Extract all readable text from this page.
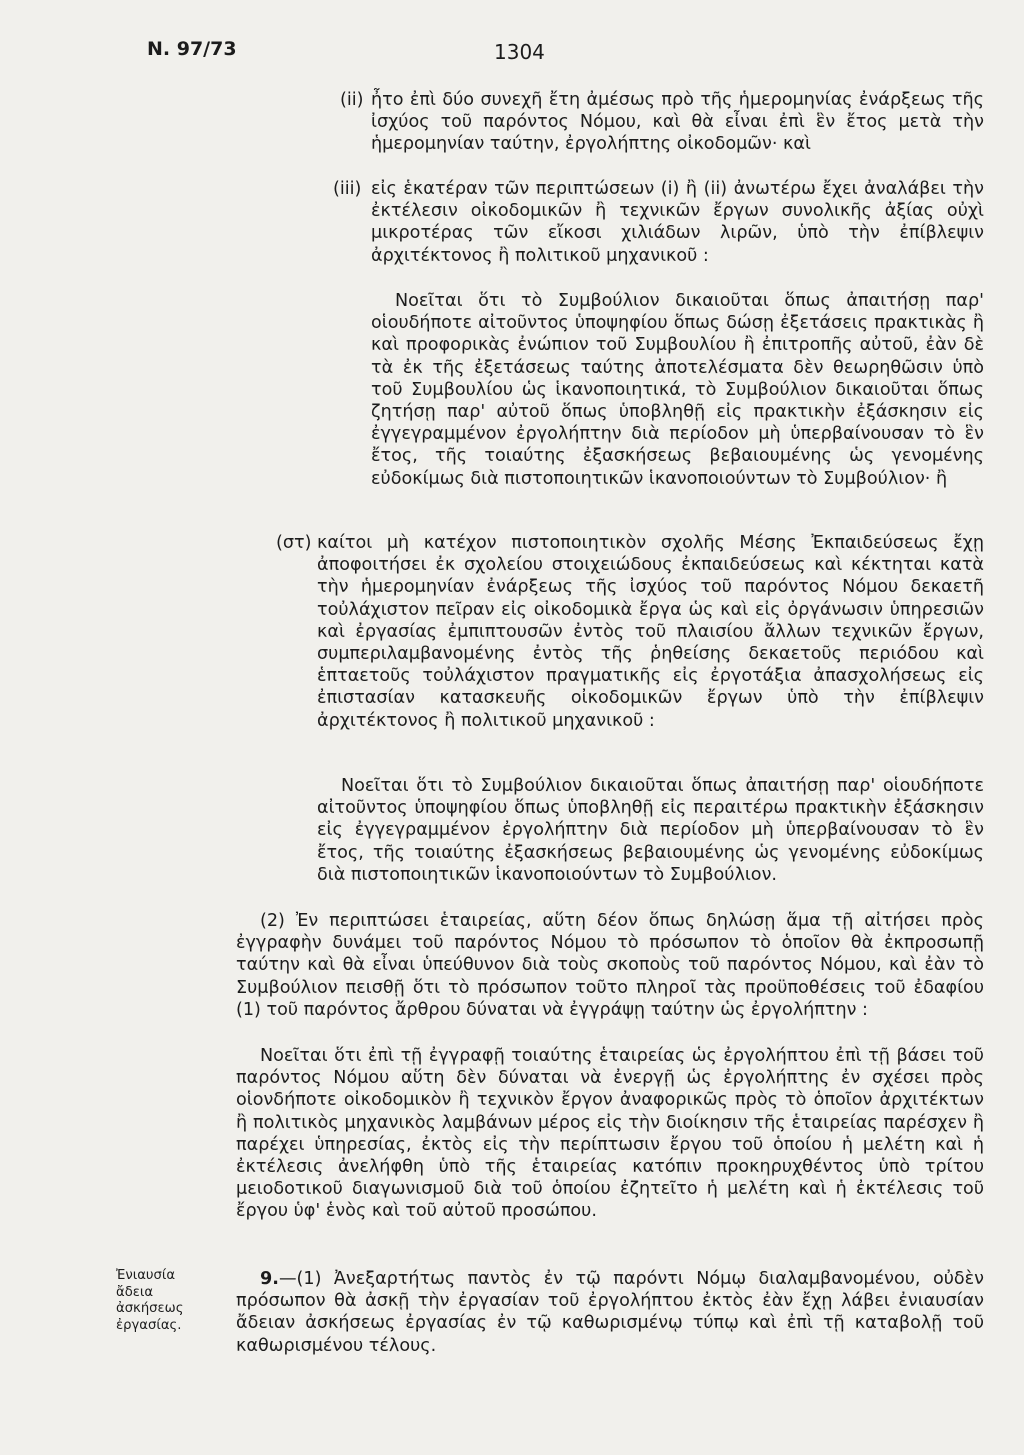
N. 97/73	1304
(ii) ἦτο ἐπὶ δύο συνεχῆ ἔτη ἀμέσως πρὸ τῆς ἡμερομηνίας ἐνάρξεως τῆς ἰσχύος τοῦ παρόντος Νόμου, καὶ θὰ εἶναι ἐπὶ ἓν ἔτος μετὰ τὴν ἡμερομηνίαν ταύτην, ἐργολήπτης οἰκοδομῶν· καὶ
(iii) εἰς ἑκατέραν τῶν περιπτώσεων (i) ἢ (ii) ἀνωτέρω ἔχει ἀναλάβει τὴν ἐκτέλεσιν οἰκοδομικῶν ἢ τεχνικῶν ἔργων συνολικῆς ἀξίας οὐχὶ μικροτέρας τῶν εἴκοσι χιλιάδων λιρῶν, ὑπὸ τὴν ἐπίβλεψιν ἀρχιτέκτονος ἢ πολιτικοῦ μηχανικοῦ :
Νοεῖται ὅτι τὸ Συμβούλιον δικαιοῦται ὅπως ἀπαιτήσῃ παρ' οἱουδήποτε αἰτοῦντος ὑποψηφίου ὅπως δώσῃ ἐξετάσεις πρακτικὰς ἢ καὶ προφορικὰς ἐνώπιον τοῦ Συμβουλίου ἢ ἐπιτροπῆς αὐτοῦ, ἐὰν δὲ τὰ ἐκ τῆς ἐξετάσεως ταύτης ἀποτελέσματα δὲν θεωρηθῶσιν ὑπὸ τοῦ Συμβουλίου ὡς ἱκανοποιητικά, τὸ Συμβούλιον δικαιοῦται ὅπως ζητήσῃ παρ' αὐτοῦ ὅπως ὑποβληθῇ εἰς πρακτικὴν ἐξάσκησιν εἰς ἐγγεγραμμένον ἐργολήπτην διὰ περίοδον μὴ ὑπερβαίνουσαν τὸ ἓν ἔτος, τῆς τοιαύτης ἐξασκήσεως βεβαιουμένης ὡς γενομένης εὐδοκίμως διὰ πιστοποιητικῶν ἱκανοποιούντων τὸ Συμβούλιον· ἢ
(στ) καίτοι μὴ κατέχον πιστοποιητικὸν σχολῆς Μέσης Ἐκπαιδεύσεως ἔχῃ ἀποφοιτήσει ἐκ σχολείου στοιχειώδους ἐκπαιδεύσεως καὶ κέκτηται κατὰ τὴν ἡμερομηνίαν ἐνάρξεως τῆς ἰσχύος τοῦ παρόντος Νόμου δεκαετῆ τοὐλάχιστον πεῖραν εἰς οἰκοδομικὰ ἔργα ὡς καὶ εἰς ὀργάνωσιν ὑπηρεσιῶν καὶ ἐργασίας ἐμπιπτουσῶν ἐντὸς τοῦ πλαισίου ἄλλων τεχνικῶν ἔργων, συμπεριλαμβανομένης ἐντὸς τῆς ῥηθείσης δεκαετοῦς περιόδου καὶ ἑπταετοῦς τοὐλάχιστον πραγματικῆς εἰς ἐργοτάξια ἀπασχολήσεως εἰς ἐπιστασίαν κατασκευῆς οἰκοδομικῶν ἔργων ὑπὸ τὴν ἐπίβλεψιν ἀρχιτέκτονος ἢ πολιτικοῦ μηχανικοῦ :
Νοεῖται ὅτι τὸ Συμβούλιον δικαιοῦται ὅπως ἀπαιτήσῃ παρ' οἱουδήποτε αἰτοῦντος ὑποψηφίου ὅπως ὑποβληθῇ εἰς περαιτέρω πρακτικὴν ἐξάσκησιν εἰς ἐγγεγραμμένον ἐργολήπτην διὰ περίοδον μὴ ὑπερβαίνουσαν τὸ ἓν ἔτος, τῆς τοιαύτης ἐξασκήσεως βεβαιουμένης ὡς γενομένης εὐδοκίμως διὰ πιστοποιητικῶν ἱκανοποιούντων τὸ Συμβούλιον.
(2) Ἐν περιπτώσει ἑταιρείας, αὕτη δέον ὅπως δηλώσῃ ἅμα τῇ αἰτήσει πρὸς ἐγγραφὴν δυνάμει τοῦ παρόντος Νόμου τὸ πρόσωπον τὸ ὁποῖον θὰ ἐκπροσωπῇ ταύτην καὶ θὰ εἶναι ὑπεύθυνον διὰ τοὺς σκοποὺς τοῦ παρόντος Νόμου, καὶ ἐὰν τὸ Συμβούλιον πεισθῇ ὅτι τὸ πρόσωπον τοῦτο πληροῖ τὰς προϋποθέσεις τοῦ ἐδαφίου (1) τοῦ παρόντος ἄρθρου δύναται νὰ ἐγγράψῃ ταύτην ὡς ἐργολήπτην :
Νοεῖται ὅτι ἐπὶ τῇ ἐγγραφῇ τοιαύτης ἑταιρείας ὡς ἐργολήπτου ἐπὶ τῇ βάσει τοῦ παρόντος Νόμου αὕτη δὲν δύναται νὰ ἐνεργῇ ὡς ἐργολήπτης ἐν σχέσει πρὸς οἱονδήποτε οἰκοδομικὸν ἢ τεχνικὸν ἔργον ἀναφορικῶς πρὸς τὸ ὁποῖον ἀρχιτέκτων ἢ πολιτικὸς μηχανικὸς λαμβάνων μέρος εἰς τὴν διοίκησιν τῆς ἑταιρείας παρέσχεν ἢ παρέχει ὑπηρεσίας, ἐκτὸς εἰς τὴν περίπτωσιν ἔργου τοῦ ὁποίου ἡ μελέτη καὶ ἡ ἐκτέλεσις ἀνελήφθη ὑπὸ τῆς ἑταιρείας κατόπιν προκηρυχθέντος ὑπὸ τρίτου μειοδοτικοῦ διαγωνισμοῦ διὰ τοῦ ὁποίου ἐζητεῖτο ἡ μελέτη καὶ ἡ ἐκτέλεσις τοῦ ἔργου ὑφ' ἑνὸς καὶ τοῦ αὐτοῦ προσώπου.
Ἐνιαυσία
ἄδεια
ἀσκήσεως
ἐργασίας.
9.—(1) Ἀνεξαρτήτως παντὸς ἐν τῷ παρόντι Νόμῳ διαλαμβανομένου, οὐδὲν πρόσωπον θὰ ἀσκῇ τὴν ἐργασίαν τοῦ ἐργολήπτου ἐκτὸς ἐὰν ἔχῃ λάβει ἐνιαυσίαν ἄδειαν ἀσκήσεως ἐργασίας ἐν τῷ καθωρισμένῳ τύπῳ καὶ ἐπὶ τῇ καταβολῇ τοῦ καθωρισμένου τέλους.
